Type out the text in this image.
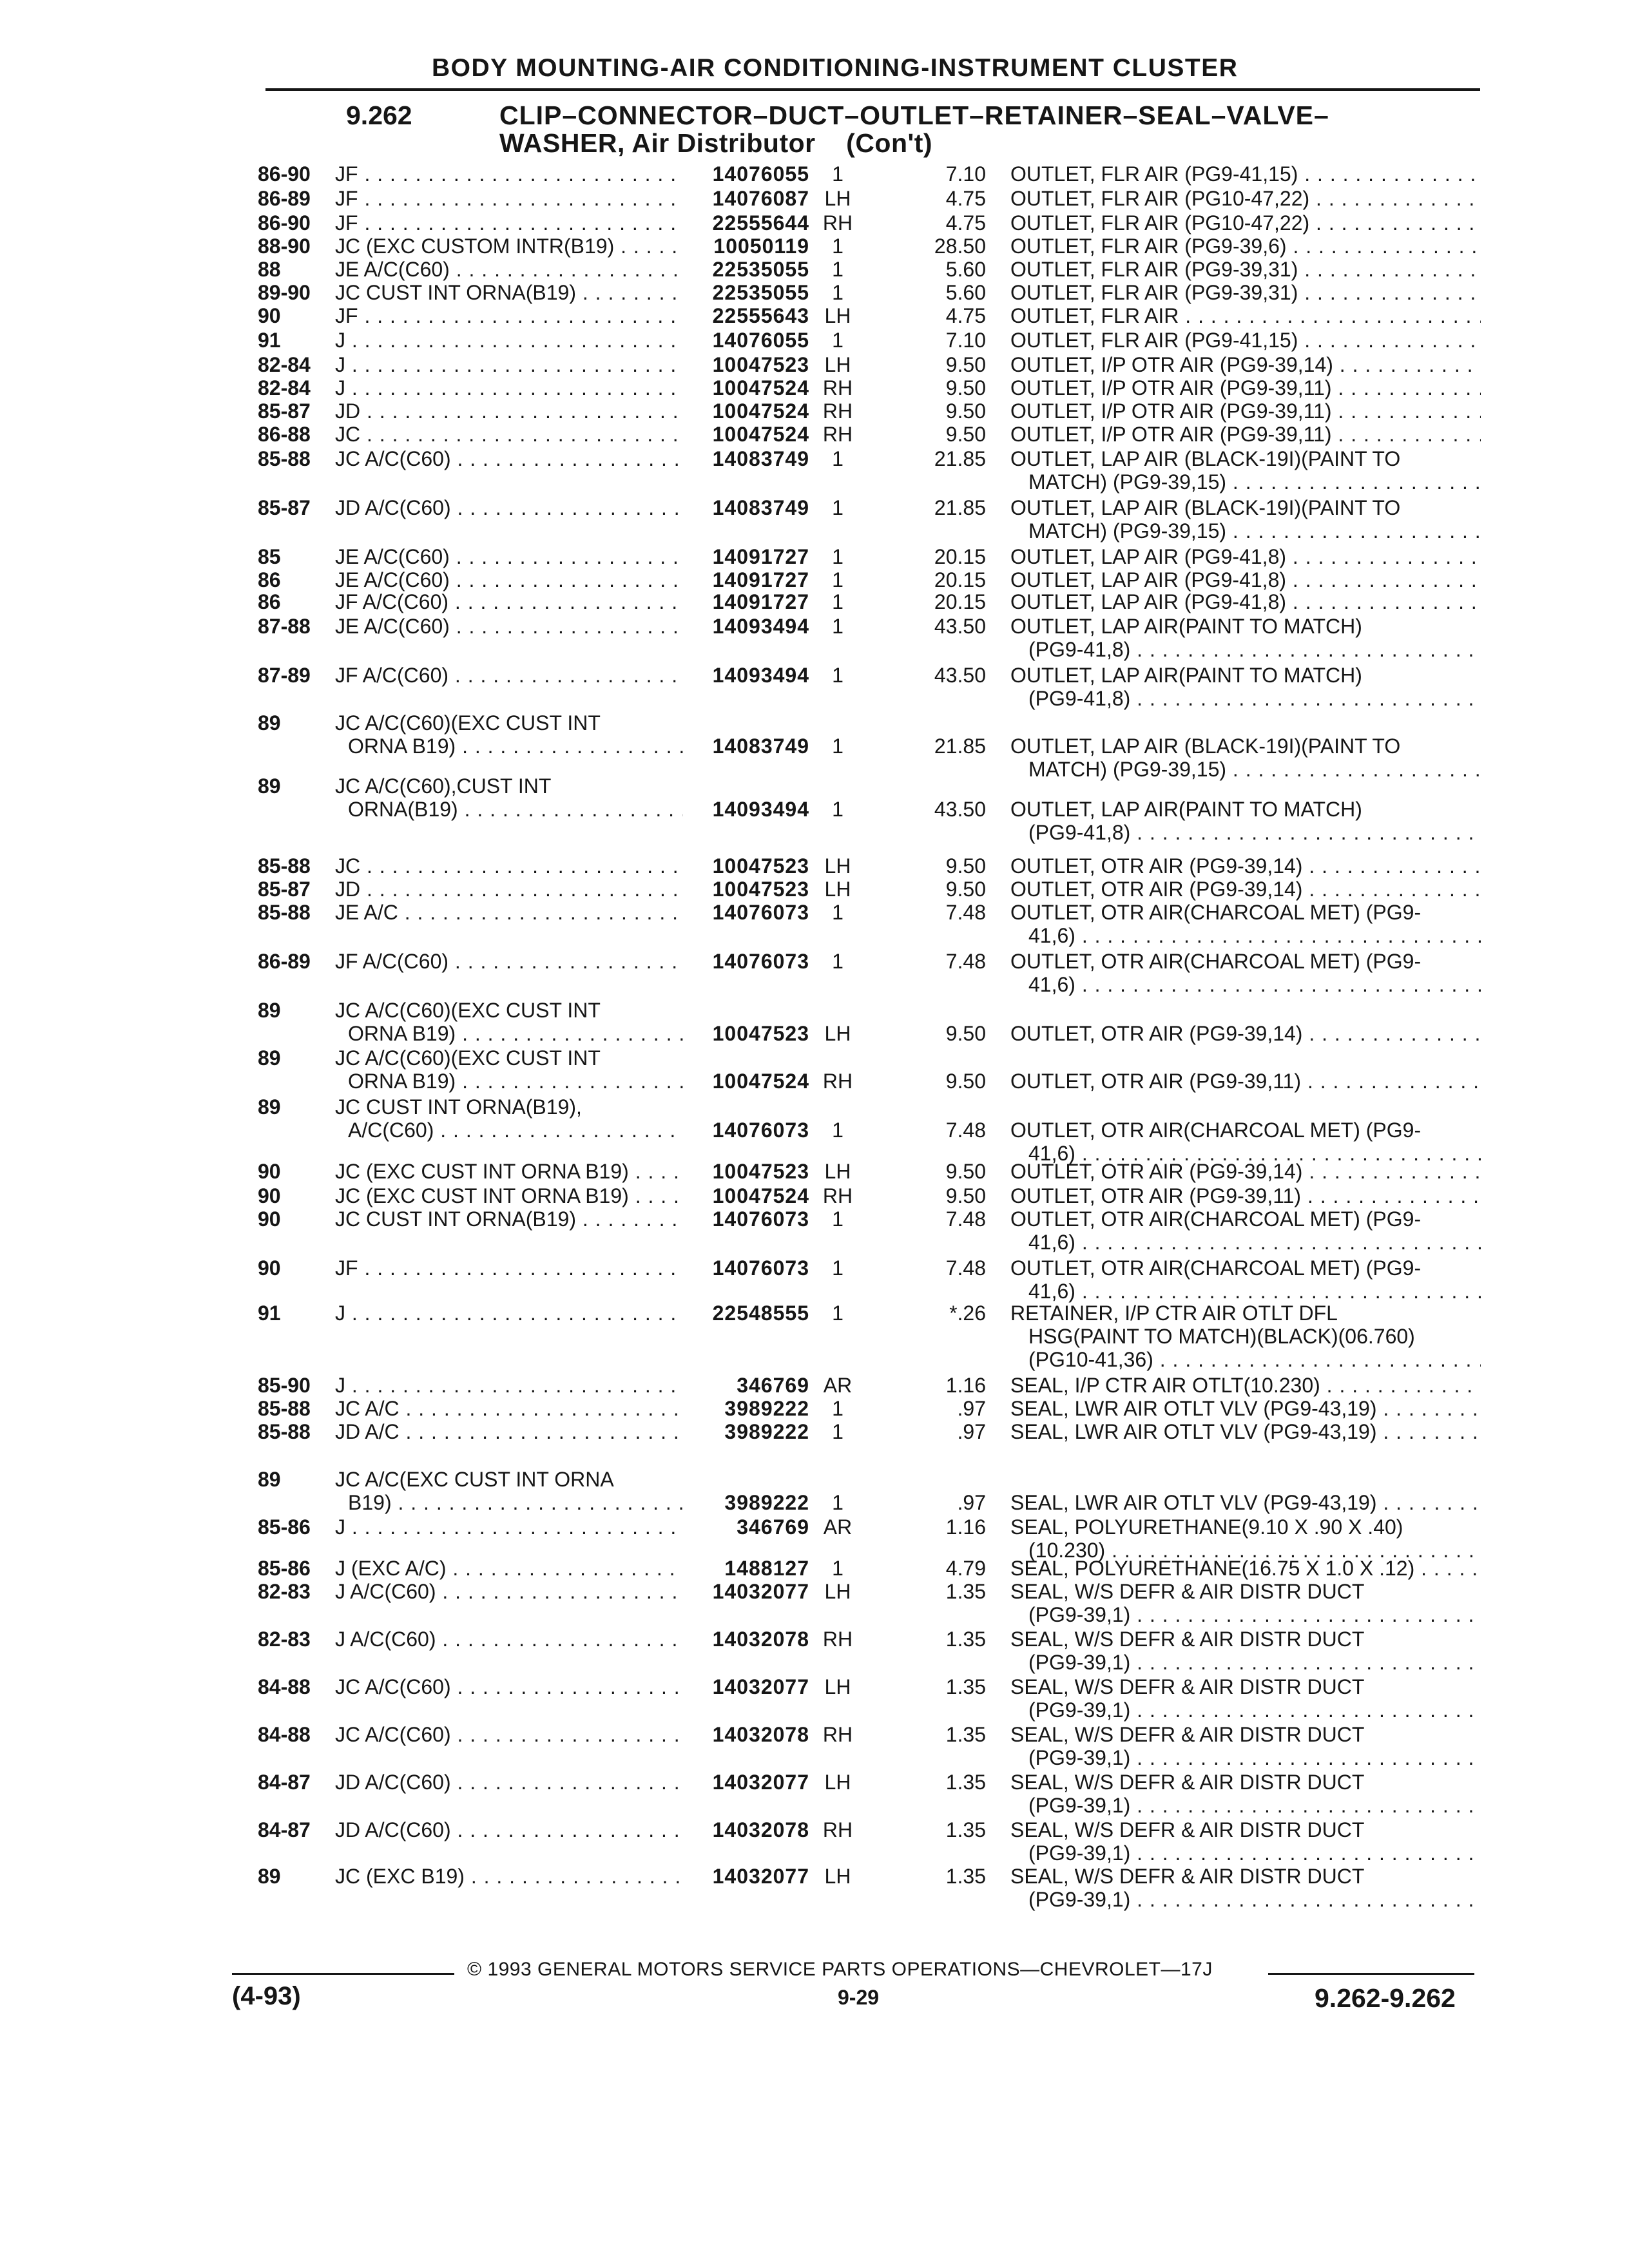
BODY MOUNTING-AIR CONDITIONING-INSTRUMENT CLUSTER
9.262	CLIP–CONNECTOR–DUCT–OUTLET–RETAINER–SEAL–VALVE–
WASHER, Air Distributor    (Con't)
86-90 JF . . .	14076055	1	7.10 OUTLET, FLR AIR (PG9-41,15) . . .
86-89 JF . . .	14076087 LH	4.75 OUTLET, FLR AIR (PG10-47,22) . . .
86-90 JF . . .	22555644 RH	4.75 OUTLET, FLR AIR (PG10-47,22) . . .
88-90 JC (EXC CUSTOM INTR(B19) . . .	10050119	1	28.50 OUTLET, FLR AIR (PG9-39,6) . . .
88	JE A/C(C60) . . .	22535055	1	5.60 OUTLET, FLR AIR (PG9-39,31) . . .
89-90 JC CUST INT ORNA(B19) . . .	22535055	1	5.60 OUTLET, FLR AIR (PG9-39,31) . . .
90	JF . . .	22555643 LH	4.75 OUTLET, FLR AIR . . .
91	J . . .	14076055	1	7.10 OUTLET, FLR AIR (PG9-41,15) . . .
82-84 J . . .	10047523 LH	9.50 OUTLET, I/P OTR AIR (PG9-39,14) . . .
82-84 J . . .	10047524 RH	9.50 OUTLET, I/P OTR AIR (PG9-39,11) . . .
85-87 JD . . .	10047524 RH	9.50 OUTLET, I/P OTR AIR (PG9-39,11) . . .
86-88 JC . . .	10047524 RH	9.50 OUTLET, I/P OTR AIR (PG9-39,11) . . .
85-88 JC A/C(C60) . . .	14083749	1	21.85 OUTLET, LAP AIR (BLACK-19I)(PAINT TO
MATCH) (PG9-39,15) . . .
85-87 JD A/C(C60) . . .	14083749	1	21.85 OUTLET, LAP AIR (BLACK-19I)(PAINT TO
MATCH) (PG9-39,15) . . .
85	JE A/C(C60) . . .	14091727	1	20.15 OUTLET, LAP AIR (PG9-41,8) . . .
86	JE A/C(C60) . . .	14091727	1	20.15 OUTLET, LAP AIR (PG9-41,8) . . .
86	JF A/C(C60) . . .	14091727	1	20.15 OUTLET, LAP AIR (PG9-41,8) . . .
87-88 JE A/C(C60) . . .	14093494	1	43.50 OUTLET, LAP AIR(PAINT TO MATCH)
(PG9-41,8) . . .
87-89 JF A/C(C60) . . .	14093494	1	43.50 OUTLET, LAP AIR(PAINT TO MATCH)
(PG9-41,8) . . .
89	JC A/C(C60)(EXC CUST INT
ORNA B19) . . .	14083749	1	21.85 OUTLET, LAP AIR (BLACK-19I)(PAINT TO
MATCH) (PG9-39,15) . . .
89	JC A/C(C60),CUST INT
ORNA(B19) . . .	14093494	1	43.50 OUTLET, LAP AIR(PAINT TO MATCH)
(PG9-41,8) . . .
85-88 JC . . .	10047523 LH	9.50 OUTLET, OTR AIR (PG9-39,14) . . .
85-87 JD . . .	10047523 LH	9.50 OUTLET, OTR AIR (PG9-39,14) . . .
85-88 JE A/C . . .	14076073	1	7.48 OUTLET, OTR AIR(CHARCOAL MET) (PG9-
41,6) . . .
86-89 JF A/C(C60) . . .	14076073	1	7.48 OUTLET, OTR AIR(CHARCOAL MET) (PG9-
41,6) . . .
89	JC A/C(C60)(EXC CUST INT
ORNA B19) . . .	10047523 LH	9.50 OUTLET, OTR AIR (PG9-39,14) . . .
89	JC A/C(C60)(EXC CUST INT
ORNA B19) . . .	10047524 RH	9.50 OUTLET, OTR AIR (PG9-39,11) . . .
89	JC CUST INT ORNA(B19),
A/C(C60) . . .	14076073	1	7.48 OUTLET, OTR AIR(CHARCOAL MET) (PG9-
41,6) . . .
90	JC (EXC CUST INT ORNA B19) . . .	10047523 LH	9.50 OUTLET, OTR AIR (PG9-39,14) . . .
90	JC (EXC CUST INT ORNA B19) . . .	10047524 RH	9.50 OUTLET, OTR AIR (PG9-39,11) . . .
90	JC CUST INT ORNA(B19) . . .	14076073	1	7.48 OUTLET, OTR AIR(CHARCOAL MET) (PG9-
41,6) . . .
90	JF . . .	14076073	1	7.48 OUTLET, OTR AIR(CHARCOAL MET) (PG9-
41,6) . . .
91	J . . .	22548555	1	*.26 RETAINER, I/P CTR AIR OTLT DFL
HSG(PAINT TO MATCH)(BLACK)(06.760)
(PG10-41,36) . . .
85-90 J . . .	346769 AR	1.16 SEAL, I/P CTR AIR OTLT(10.230) . . .
85-88 JC A/C . . .	3989222	1	.97 SEAL, LWR AIR OTLT VLV (PG9-43,19) . . .
85-88 JD A/C . . .	3989222	1	.97 SEAL, LWR AIR OTLT VLV (PG9-43,19) . . .
89	JC A/C(EXC CUST INT ORNA
B19) . . .	3989222	1	.97 SEAL, LWR AIR OTLT VLV (PG9-43,19) . . .
85-86 J . . .	346769 AR	1.16 SEAL, POLYURETHANE(9.10 X .90 X .40)
(10.230) . . .
85-86 J (EXC A/C) . . .	1488127	1	4.79 SEAL, POLYURETHANE(16.75 X 1.0 X .12) . . .
82-83 J A/C(C60) . . .	14032077 LH	1.35 SEAL, W/S DEFR & AIR DISTR DUCT
(PG9-39,1) . . .
82-83 J A/C(C60) . . .	14032078 RH	1.35 SEAL, W/S DEFR & AIR DISTR DUCT
(PG9-39,1) . . .
84-88 JC A/C(C60) . . .	14032077 LH	1.35 SEAL, W/S DEFR & AIR DISTR DUCT
(PG9-39,1) . . .
84-88 JC A/C(C60) . . .	14032078 RH	1.35 SEAL, W/S DEFR & AIR DISTR DUCT
(PG9-39,1) . . .
84-87 JD A/C(C60) . . .	14032077 LH	1.35 SEAL, W/S DEFR & AIR DISTR DUCT
(PG9-39,1) . . .
84-87 JD A/C(C60) . . .	14032078 RH	1.35 SEAL, W/S DEFR & AIR DISTR DUCT
(PG9-39,1) . . .
89	JC (EXC B19) . . .	14032077 LH	1.35 SEAL, W/S DEFR & AIR DISTR DUCT
(PG9-39,1) . . .
© 1993 GENERAL MOTORS SERVICE PARTS OPERATIONS—CHEVROLET—17J
(4-93)	9-29	9.262-9.262
